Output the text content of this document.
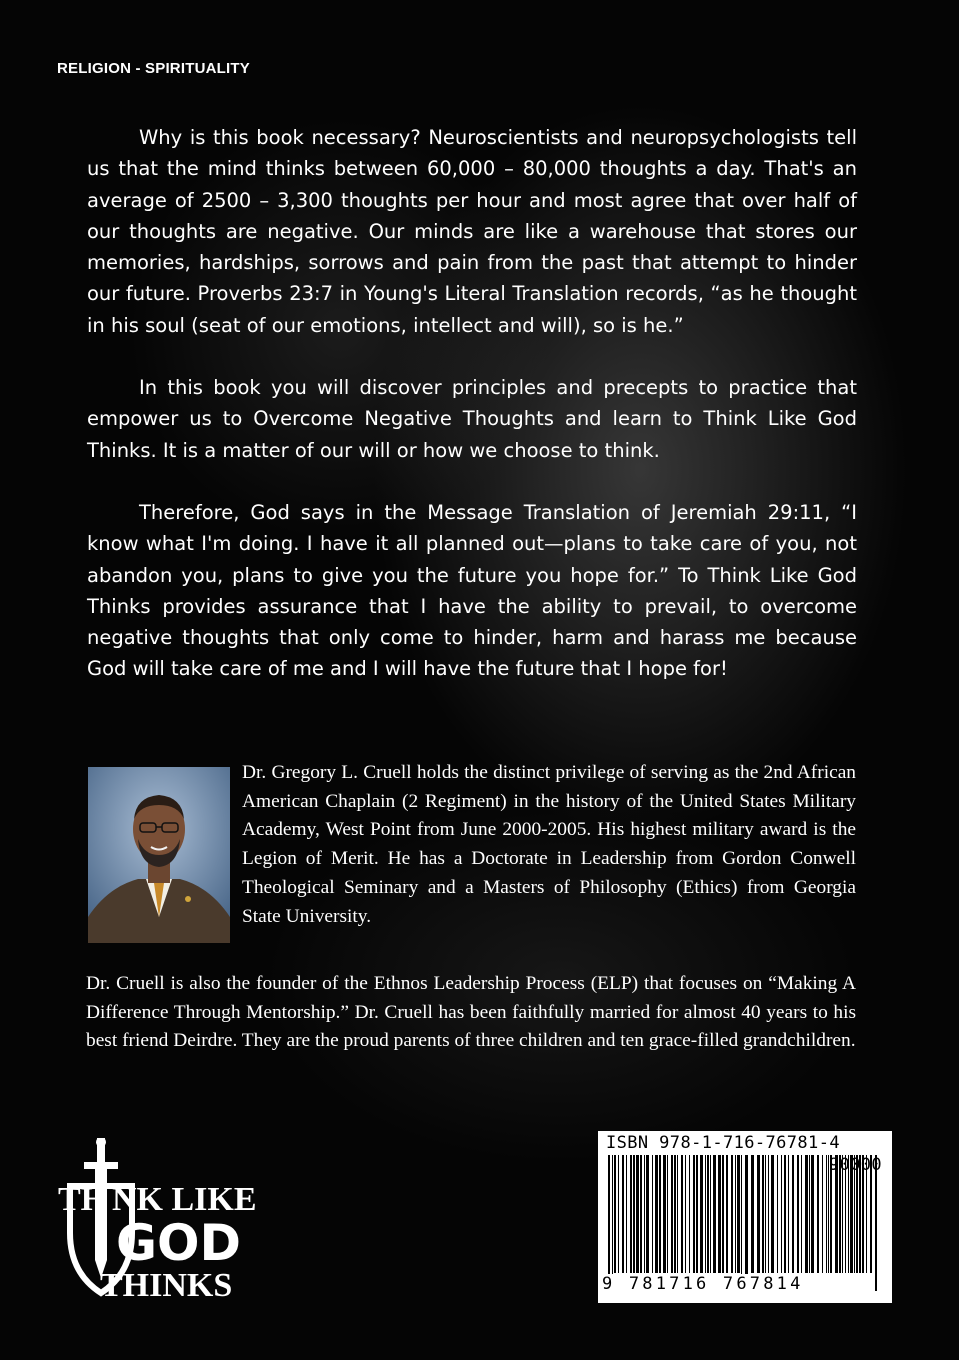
RELIGION - SPIRITUALITY

Why is this book necessary? Neuroscientists and neuropsychologists tell us that the mind thinks between 60,000 – 80,000 thoughts a day. That's an average of 2500 – 3,300 thoughts per hour and most agree that over half of our thoughts are negative. Our minds are like a warehouse that stores our memories, hardships, sorrows and pain from the past that attempt to hinder our future. Proverbs 23:7 in Young's Literal Translation records, “as he thought in his soul (seat of our emotions, intellect and will), so is he.”

In this book you will discover principles and precepts to practice that empower us to Overcome Negative Thoughts and learn to Think Like God Thinks. It is a matter of our will or how we choose to think.

Therefore, God says in the Message Translation of Jeremiah 29:11, “I know what I'm doing. I have it all planned out—plans to take care of you, not abandon you, plans to give you the future you hope for.” To Think Like God Thinks provides assurance that I have the ability to prevail, to overcome negative thoughts that only come to hinder, harm and harass me because God will take care of me and I will have the future that I hope for!

Dr. Gregory L. Cruell holds the distinct privilege of serving as the 2nd African American Chaplain (2 Regiment) in the history of the United States Military Academy, West Point from June 2000-2005. His highest military award is the Legion of Merit. He has a Doctorate in Leadership from Gordon Conwell Theological Seminary and a Masters of Philosophy (Ethics) from Georgia State University.

Dr. Cruell is also the founder of the Ethnos Leadership Process (ELP) that focuses on “Making A Difference Through Mentorship.” Dr. Cruell has been faithfully married for almost 40 years to his best friend Deirdre. They are the proud parents of three children and ten grace-filled grandchildren.

TH NK LIKE
GOD
THINKS
ISBN 978-1-716-76781-4
90000
9 781716 767814
